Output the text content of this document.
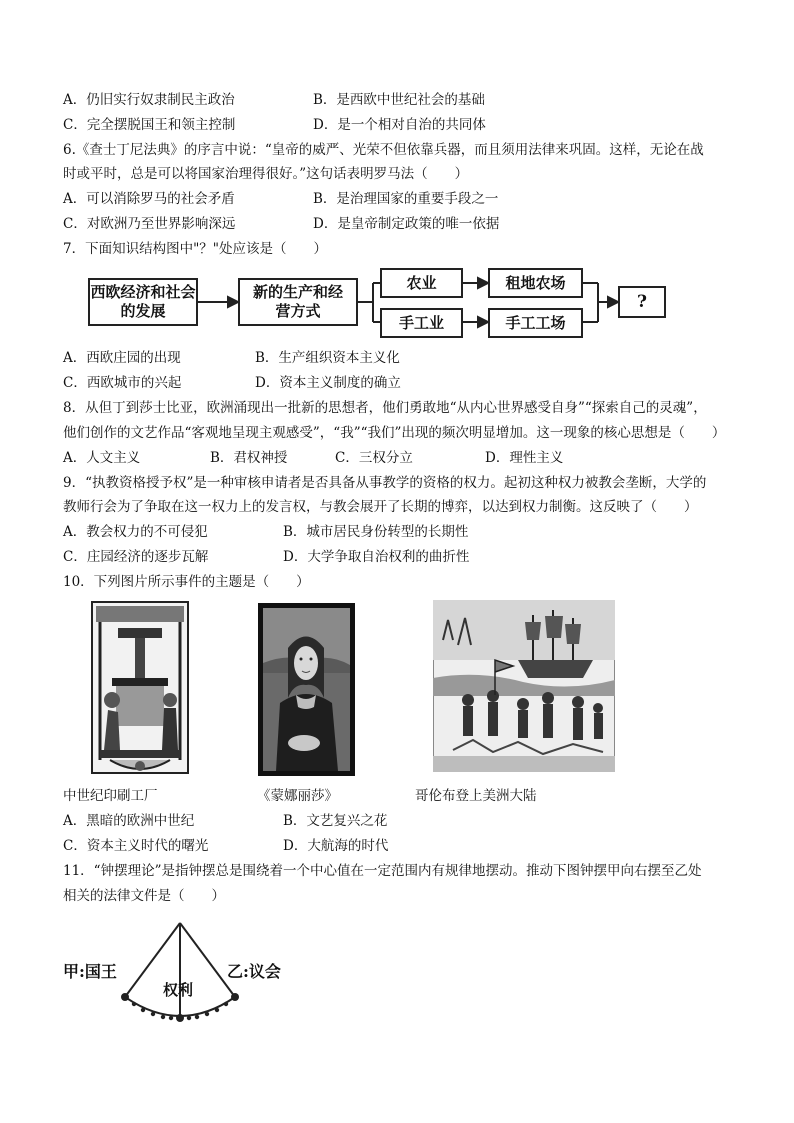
A．仍旧实行奴隶制民主政治	B．是西欧中世纪社会的基础
C．完全摆脱国王和领主控制	D．是一个相对自治的共同体
6.《查士丁尼法典》的序言中说：“皇帝的威严、光荣不但依靠兵器，而且须用法律来巩固。这样，无论在战
时或平时，总是可以将国家治理得很好。”这句话表明罗马法（　　）
A．可以消除罗马的社会矛盾	B．是治理国家的重要手段之一
C．对欧洲乃至世界影响深远	D．是皇帝制定政策的唯一依据
7．下面知识结构图中"？"处应该是（　　）
西欧经济和社会的发展
新的生产和经营方式
农业	租地农场
手工业	手工工场
?
A．西欧庄园的出现	B．生产组织资本主义化
C．西欧城市的兴起	D．资本主义制度的确立
8．从但丁到莎士比亚，欧洲涌现出一批新的思想者，他们勇敢地“从内心世界感受自身”“探索自己的灵魂”，
他们创作的文艺作品“客观地呈现主观感受”，“我”“我们”出现的频次明显增加。这一现象的核心思想是（　　）
A．人文主义	B．君权神授	C．三权分立	D．理性主义
9．“执教资格授予权”是一种审核申请者是否具备从事教学的资格的权力。起初这种权力被教会垄断，大学的
教师行会为了争取在这一权力上的发言权，与教会展开了长期的博弈，以达到权力制衡。这反映了（　　）
A．教会权力的不可侵犯	B．城市居民身份转型的长期性
C．庄园经济的逐步瓦解	D．大学争取自治权利的曲折性
10．下列图片所示事件的主题是（　　）
中世纪印刷工厂	《蒙娜丽莎》	哥伦布登上美洲大陆
A．黑暗的欧洲中世纪	B．文艺复兴之花
C．资本主义时代的曙光	D．大航海的时代
11．“钟摆理论”是指钟摆总是围绕着一个中心值在一定范围内有规律地摆动。推动下图钟摆甲向右摆至乙处
相关的法律文件是（　　）
甲:国王	乙:议会
权利
